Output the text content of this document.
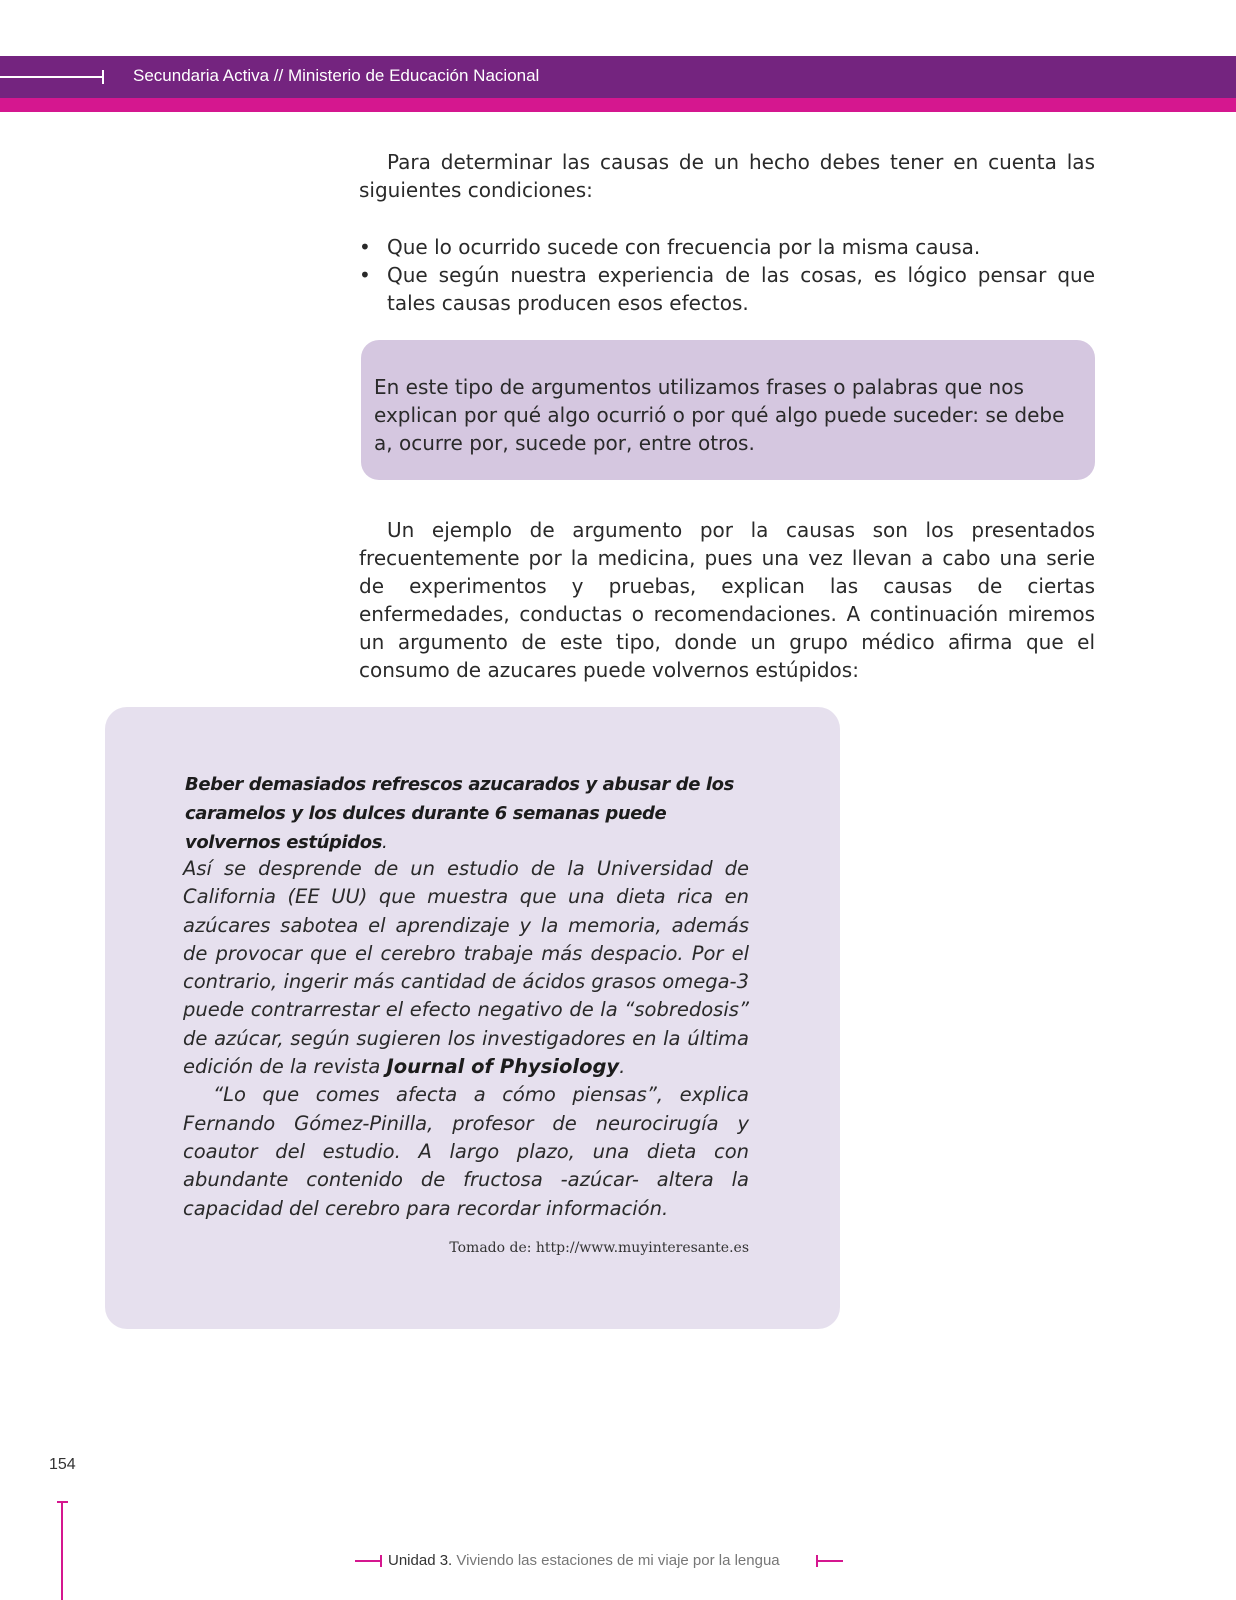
Secundaria Activa // Ministerio de Educación Nacional

Para determinar las causas de un hecho debes tener en cuenta las siguientes condiciones:

• Que lo ocurrido sucede con frecuencia por la misma causa.
• Que según nuestra experiencia de las cosas, es lógico pensar que tales causas producen esos efectos.

En este tipo de argumentos utilizamos frases o palabras que nos explican por qué algo ocurrió o por qué algo puede suceder: se debe a, ocurre por, sucede por, entre otros.

Un ejemplo de argumento por la causas son los presentados frecuentemente por la medicina, pues una vez llevan a cabo una serie de experimentos y pruebas, explican las causas de ciertas enfermedades, conductas o recomendaciones. A continuación miremos un argumento de este tipo, donde un grupo médico afirma que el consumo de azucares puede volvernos estúpidos:

Beber demasiados refrescos azucarados y abusar de los caramelos y los dulces durante 6 semanas puede volvernos estúpidos.

Así se desprende de un estudio de la Universidad de California (EE UU) que muestra que una dieta rica en azúcares sabotea el aprendizaje y la memoria, además de provocar que el cerebro trabaje más despacio. Por el contrario, ingerir más cantidad de ácidos grasos omega-3 puede contrarrestar el efecto negativo de la “sobredosis” de azúcar, según sugieren los investigadores en la última edición de la revista Journal of Physiology.
“Lo que comes afecta a cómo piensas”, explica Fernando Gómez-Pinilla, profesor de neurocirugía y coautor del estudio. A largo plazo, una dieta con abundante contenido de fructosa -azúcar- altera la capacidad del cerebro para recordar información.

Tomado de: http://www.muyinteresante.es
154
Unidad 3. Viviendo las estaciones de mi viaje por la lengua
